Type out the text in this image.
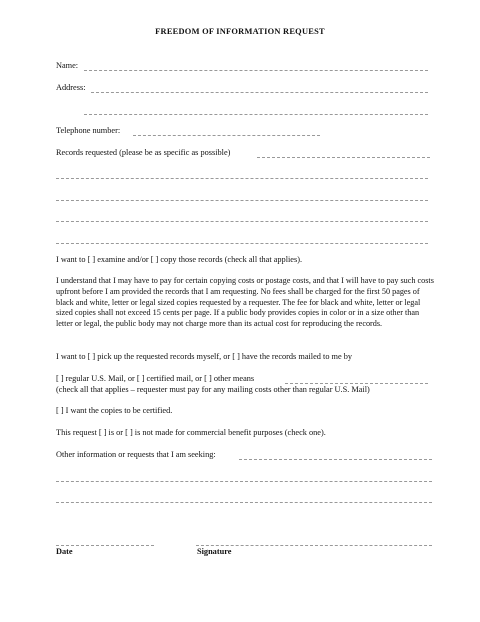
FREEDOM OF INFORMATION REQUEST
Name:
Address:
Telephone number:
Records requested (please be as specific as possible)
I want to [ ] examine and/or [ ] copy those records (check all that applies).
I understand that I may have to pay for certain copying costs or postage costs, and that I will have to pay such costs upfront before I am provided the records that I am requesting. No fees shall be charged for the first 50 pages of black and white, letter or legal sized copies requested by a requester. The fee for black and white, letter or legal sized copies shall not exceed 15 cents per page. If a public body provides copies in color or in a size other than letter or legal, the public body may not charge more than its actual cost for reproducing the records.
I want to [ ] pick up the requested records myself, or [ ] have the records mailed to me by
[ ] regular U.S. Mail, or [ ] certified mail, or [ ] other means
(check all that applies – requester must pay for any mailing costs other than regular U.S. Mail)
[ ] I want the copies to be certified.
This request [ ] is or [ ] is not made for commercial benefit purposes (check one).
Other information or requests that I am seeking:
Date	Signature
